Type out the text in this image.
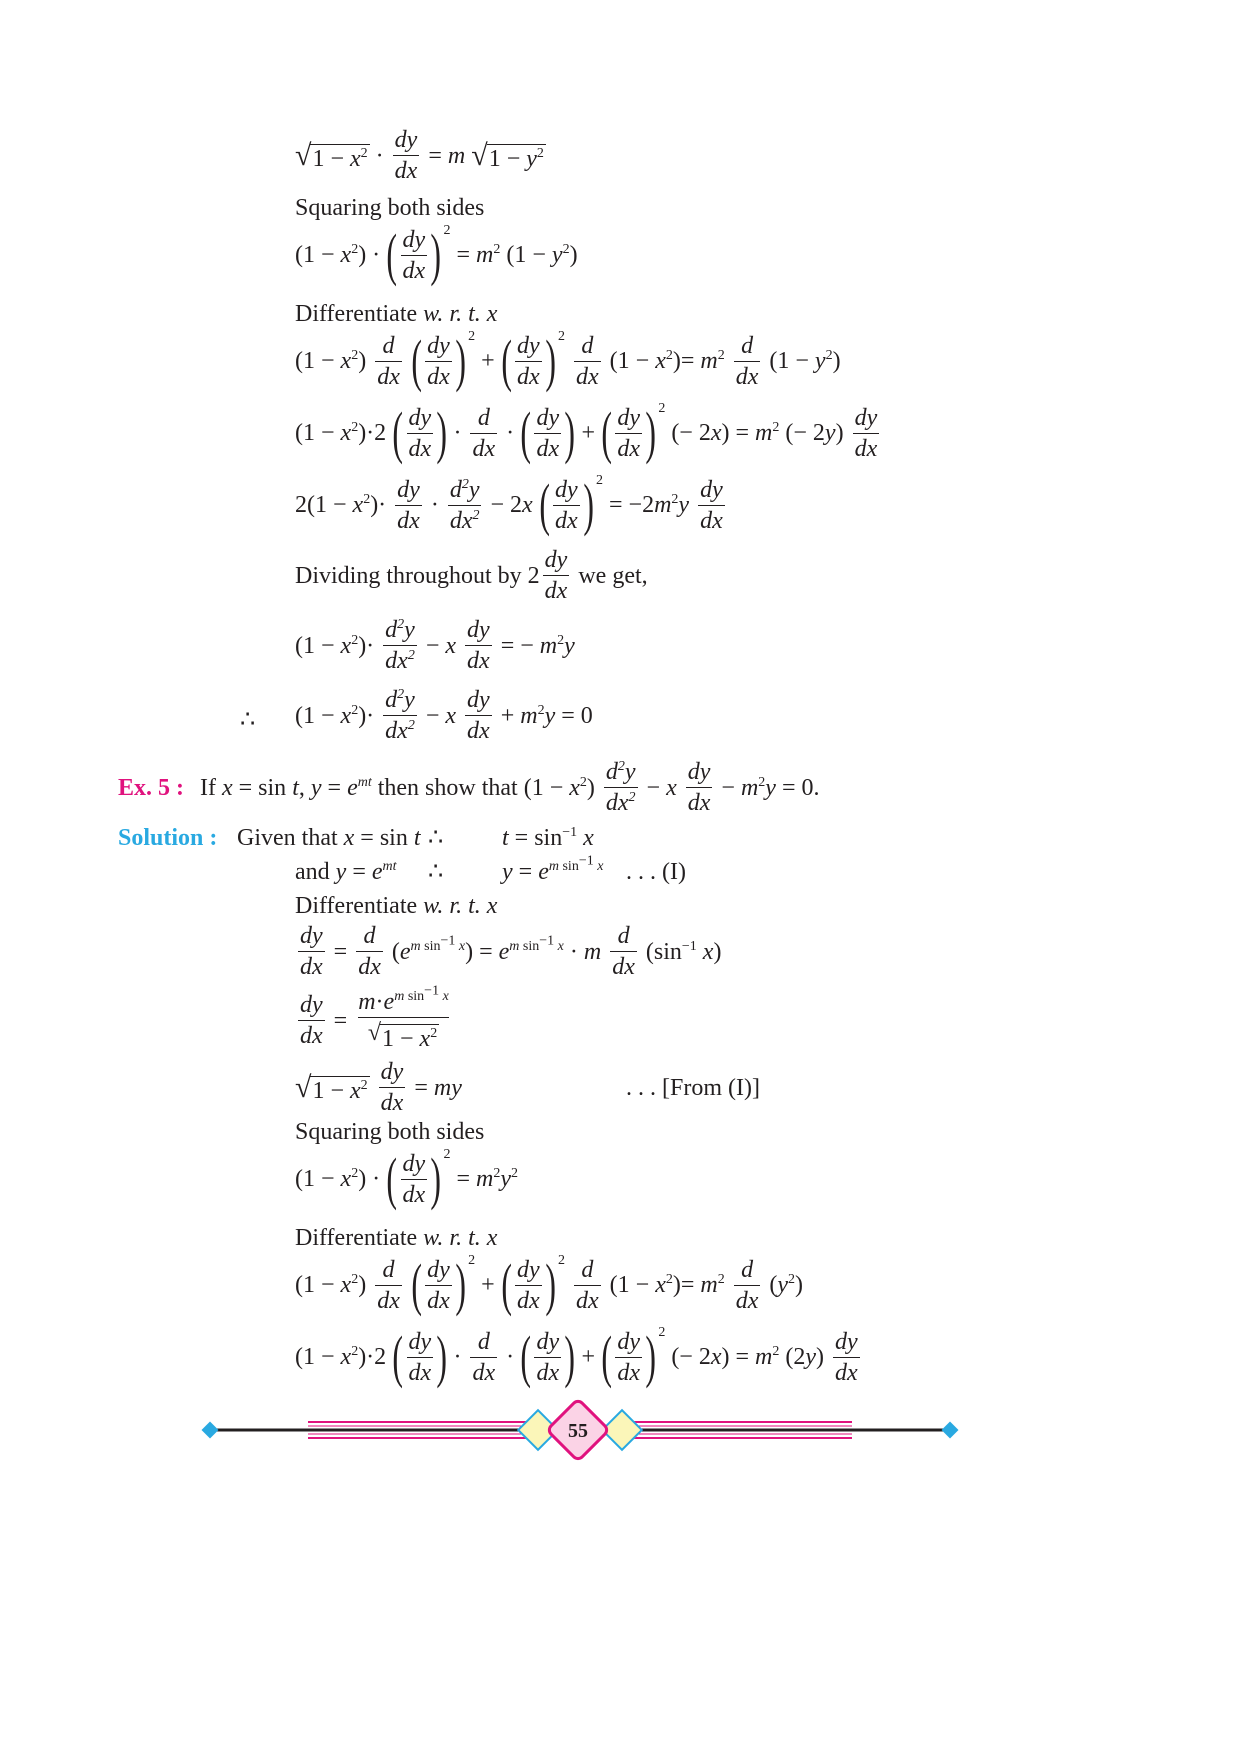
√ $1 - x^2 \cdot \frac{dy}{dx} = m$ √ $1 - y^2$
Squaring both sides
$(1 - x^2)$ · ( $\frac{dy}{dx}$ ) 2
= $m^2$ $(1 - y^2)$
Differentiate w. r. t. x
$(1 - x^2) \frac{d}{dx}$
( $\frac{dy}{dx}$ ) 2
+ ( $\frac{dy}{dx}$ ) 2
$\frac{d}{dx} (1 - x^2)= m^2 \frac{d}{dx} (1 - y^2)$
$(1 - x^2)\cdot 2$ ( $\frac{dy}{dx}$ ) · $\frac{d}{dx}$ · ( $\frac{dy}{dx}$ ) + ( $\frac{dy}{dx}$ ) 2
(− $2x) = m^2$ (− $2y) \frac{dy}{dx}$
$2(1 - x^2)\cdot \frac{dy}{dx} \cdot \frac{d^2y}{dx^2} - 2x$ ( $\frac{dy}{dx}$ ) 2
= $-2m^2y \frac{dy}{dx}$
Dividing throughout by $2 \frac{dy}{dx}$ we get,
$(1 - x^2)\cdot \frac{d^2y}{dx^2} - x \frac{dy}{dx}$ = − $m^2y$
∴ $(1 - x^2)\cdot \frac{d^2y}{dx^2} - x \frac{dy}{dx} + m^2y = 0$
Ex. 5 : If x = sin t, $y = e^{mt}$ then show that $(1 - x^2) \frac{d^2y}{dx^2} - x \frac{dy}{dx} - m^2y = 0$.
Solution : Given that x = sin t ∴ $t = \sin^{-1} x$
and $y = e^{mt}$ ∴ $y = e^{m sin^{-1} x}$ . . . (I)
Differentiate w. r. t. x
$\frac{dy}{dx} = \frac{d}{dx} (e^{m sin^{-1} x}) = e^{m sin^{-1} x} \cdot m \frac{d}{dx} (\sin^{-1}$ x)
$\frac{dy}{dx} = \frac{m\cdot e^{m sin^{-1} x}}{√ 1 - x^2}$
√ $1 - x^2$
$\frac{dy}{dx}$ = my	. . . [From (I)]
Squaring both sides
$(1 - x^2)$ · ( $\frac{dy}{dx}$ ) 2
= $m^2y^2$
Differentiate w. r. t. x
$(1 - x^2) \frac{d}{dx}$
( $\frac{dy}{dx}$ ) 2
+ ( $\frac{dy}{dx}$ ) 2
$\frac{d}{dx} (1 - x^2)= m^2 \frac{d}{dx} (y^2)$
$(1 - x^2)\cdot 2$ ( $\frac{dy}{dx}$ ) · $\frac{d}{dx}$ · ( $\frac{dy}{dx}$ ) + ( $\frac{dy}{dx}$ ) 2
(− $2x) = m^2$ $(2y) \frac{dy}{dx}$
55
